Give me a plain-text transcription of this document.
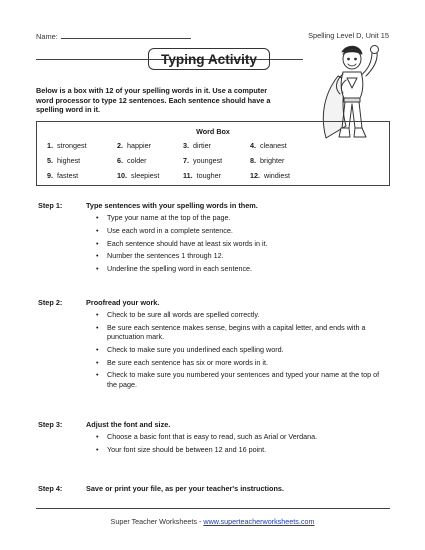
Name:	Spelling Level D, Unit 15
Typing Activity

Below is a box with 12 of your spelling words in it. Use a computer word processor to type 12 sentences. Each sentence should have a spelling word in it.

Word Box
1. strongest	2. happier	3. dirtier	4. cleanest
5. highest	6. colder	7. youngest	8. brighter
9. fastest	10. sleepiest	11. tougher	12. windiest
Step 1:	Type sentences with your spelling words in them.
• Type your name at the top of the page.
• Use each word in a complete sentence.
• Each sentence should have at least six words in it.
• Number the sentences 1 through 12.
• Underline the spelling word in each sentence.
Step 2:	Proofread your work.
• Check to be sure all words are spelled correctly.
• Be sure each sentence makes sense, begins with a capital letter, and ends with a punctuation mark.
• Check to make sure you underlined each spelling word.
• Be sure each sentence has six or more words in it.
• Check to make sure you numbered your sentences and typed your name at the top of the page.
Step 3:	Adjust the font and size.
• Choose a basic font that is easy to read, such as Arial or Verdana.
• Your font size should be between 12 and 16 point.
Step 4:	Save or print your file, as per your teacher's instructions.
Super Teacher Worksheets - www.superteacherworksheets.com
